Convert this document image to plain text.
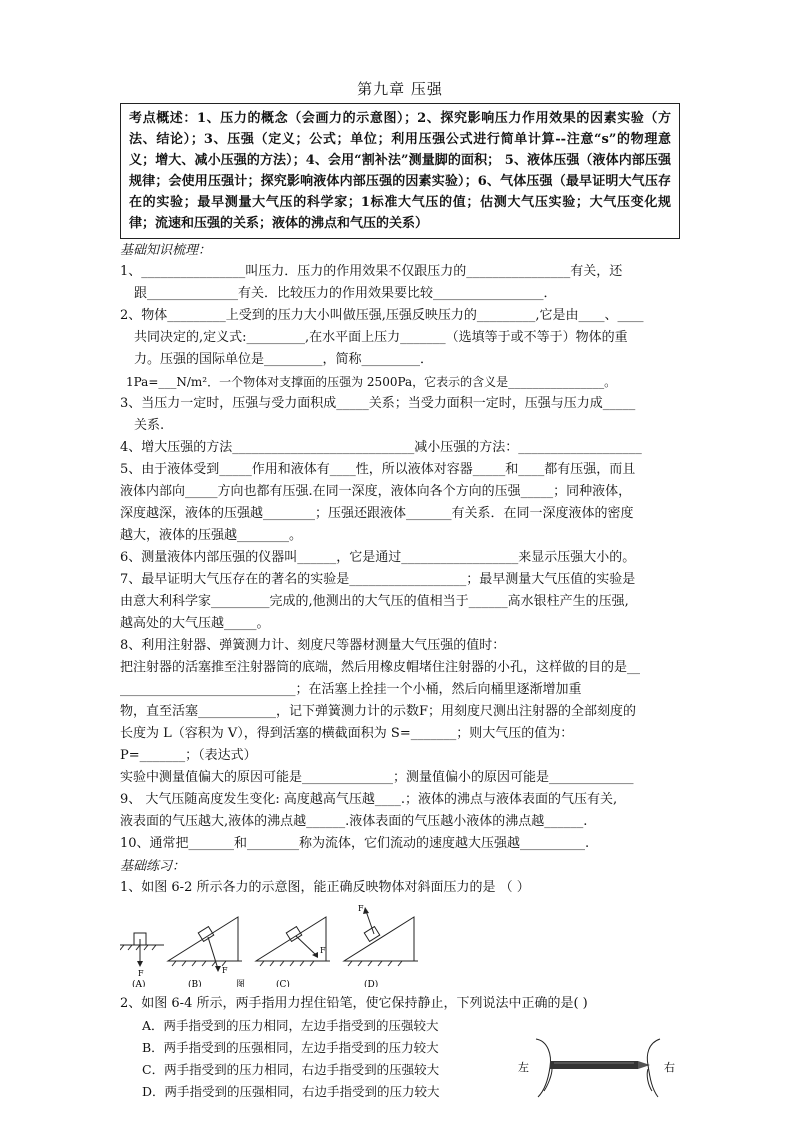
第九章 压强
考点概述：1、压力的概念（会画力的示意图）；2、探究影响压力作用效果的因素实验（方法、结论）；3、压强（定义；公式；单位；利用压强公式进行简单计算--注意“s”的物理意义；增大、减小压强的方法）；4、会用“割补法”测量脚的面积； 5、液体压强（液体内部压强规律；会使用压强计；探究影响液体内部压强的因素实验）；6、气体压强（最早证明大气压存在的实验；最早测量大气压的科学家；1标准大气压的值；估测大气压实验；大气压变化规律；流速和压强的关系；液体的沸点和气压的关系）
基础知识梳理：
1、________________叫压力．压力的作用效果不仅跟压力的________________有关，还
跟______________有关．比较压力的作用效果要比较_________________．
2、物体_________上受到的压力大小叫做压强,压强反映压力的_________,它是由____、____
共同决定的,定义式:_________,在水平面上压力_______（选填等于或不等于）物体的重
力。压强的国际单位是_________，简称_________．
1Pa=___N/m²．一个物体对支撑面的压强为 2500Pa，它表示的含义是________________。
3、当压力一定时，压强与受力面积成_____关系；当受力面积一定时，压强与压力成_____
关系.
4、增大压强的方法____________________________减小压强的方法：___________________
5、由于液体受到_____作用和液体有____性，所以液体对容器_____和____都有压强，而且
液体内部向_____方向也都有压强.在同一深度，液体向各个方向的压强_____；同种液体，
深度越深，液体的压强越________；压强还跟液体_______有关系．在同一深度液体的密度
越大，液体的压强越________。
6、测量液体内部压强的仪器叫______，它是通过__________________来显示压强大小的。
7、最早证明大气压存在的著名的实验是__________________；最早测量大气压值的实验是
由意大利科学家_________完成的,他测出的大气压的值相当于______高水银柱产生的压强,
越高处的大气压越_____。
8、利用注射器、弹簧测力计、刻度尺等器材测量大气压强的值时：
把注射器的活塞推至注射器筒的底端，然后用橡皮帽堵住注射器的小孔，这样做的目的是__
___________________________；在活塞上拴挂一个小桶，然后向桶里逐渐增加重
物，直至活塞____________，记下弹簧测力计的示数F；用刻度尺测出注射器的全部刻度的
长度为 L（容积为 V），得到活塞的横截面积为 S=_______；则大气压的值为：
P=_______；（表达式）
实验中测量值偏大的原因可能是______________；测量值偏小的原因可能是_____________
9、 大气压随高度发生变化: 高度越高气压越____.；液体的沸点与液体表面的气压有关,
液表面的气压越大,液体的沸点越______.液体表面的气压越小液体的沸点越______.
10、通常把_______和________称为流体，它们流动的速度越大压强越__________.
基础练习：
1、如图 6-2 所示各力的示意图，能正确反映物体对斜面压力的是 （ ）
F
(A)
F
(B)	图
F
(C)
F
(D)
2、如图 6-4 所示，两手指用力捏住铅笔，使它保持静止，下列说法中正确的是( )
A．两手指受到的压力相同，左边手指受到的压强较大
B．两手指受到的压强相同，左边手指受到的压力较大
C．两手指受到的压力相同，右边手指受到的压强较大
D．两手指受到的压强相同，右边手指受到的压力较大
左	右
